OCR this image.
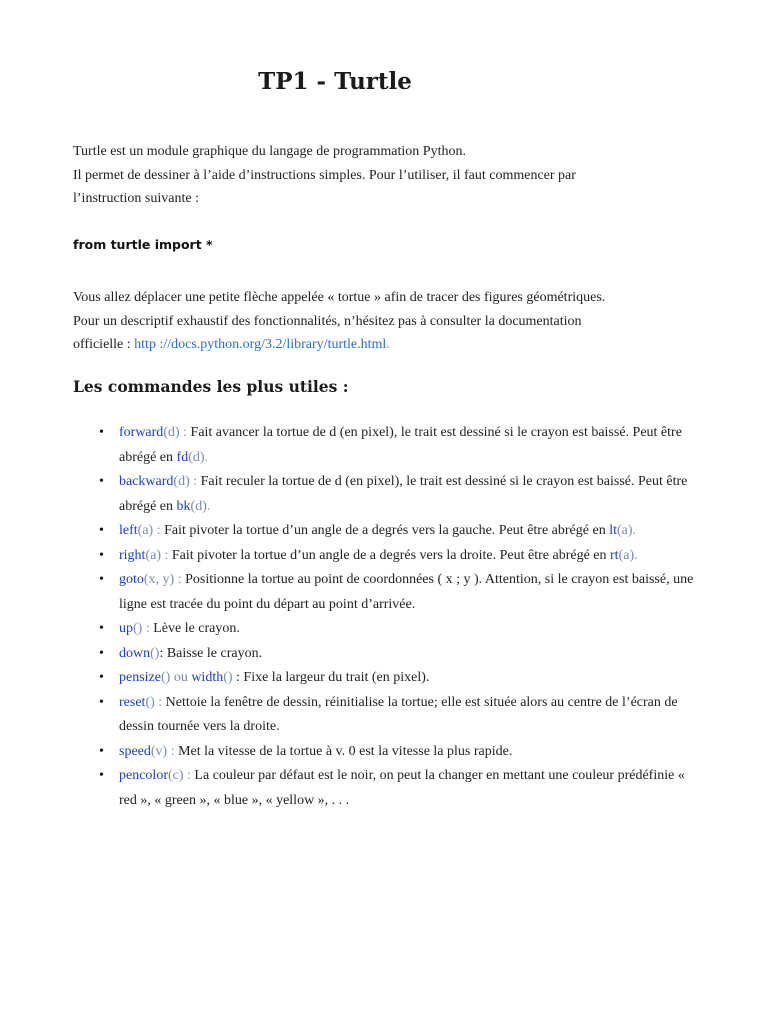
TP1 - Turtle

Turtle est un module graphique du langage de programmation Python.
Il permet de dessiner à l’aide d’instructions simples. Pour l’utiliser, il faut commencer par
l’instruction suivante :

from turtle import *

Vous allez déplacer une petite flèche appelée « tortue » afin de tracer des figures géométriques.
Pour un descriptif exhaustif des fonctionnalités, n’hésitez pas à consulter la documentation
officielle : http ://docs.python.org/3.2/library/turtle.html.

Les commandes les plus utiles :
• forward(d) : Fait avancer la tortue de d (en pixel), le trait est dessiné si le crayon est baissé. Peut être abrégé en fd(d).
• backward(d) : Fait reculer la tortue de d (en pixel), le trait est dessiné si le crayon est baissé. Peut être abrégé en bk(d).
• left(a) : Fait pivoter la tortue d’un angle de a degrés vers la gauche. Peut être abrégé en lt(a).
• right(a) : Fait pivoter la tortue d’un angle de a degrés vers la droite. Peut être abrégé en rt(a).
• goto(x, y) : Positionne la tortue au point de coordonnées ( x ; y ). Attention, si le crayon est baissé, une ligne est tracée du point du départ au point d’arrivée.
• up() : Lève le crayon.
• down(): Baisse le crayon.
• pensize() ou width() : Fixe la largeur du trait (en pixel).
• reset() : Nettoie la fenêtre de dessin, réinitialise la tortue; elle est située alors au centre de l’écran de dessin tournée vers la droite.
• speed(v) : Met la vitesse de la tortue à v. 0 est la vitesse la plus rapide.
• pencolor(c) : La couleur par défaut est le noir, on peut la changer en mettant une couleur prédéfinie « red », « green », « blue », « yellow », . . .
